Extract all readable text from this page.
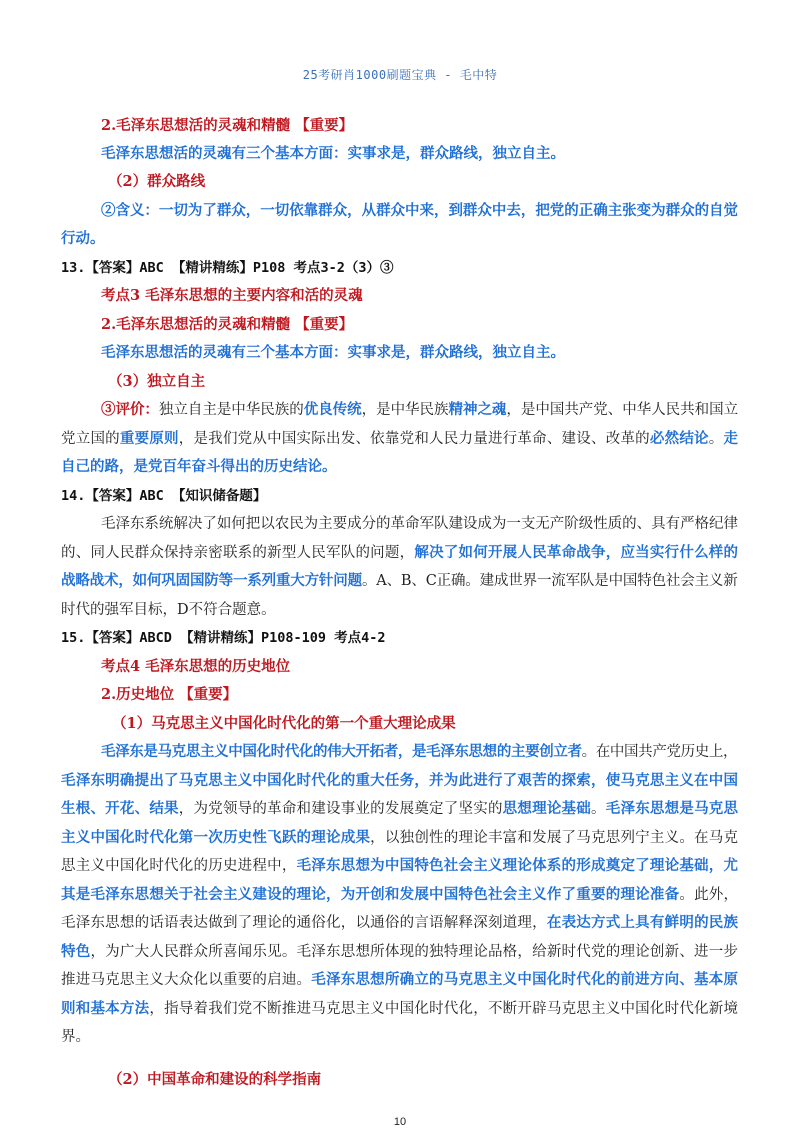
25考研肖1000刷题宝典 - 毛中特
2.毛泽东思想活的灵魂和精髓 【重要】
毛泽东思想活的灵魂有三个基本方面：实事求是，群众路线，独立自主。
（2）群众路线
②含义：一切为了群众，一切依靠群众，从群众中来，到群众中去，把党的正确主张变为群众的自觉
行动。
13.【答案】ABC 【精讲精练】P108 考点3-2（3）③
考点3 毛泽东思想的主要内容和活的灵魂
2.毛泽东思想活的灵魂和精髓 【重要】
毛泽东思想活的灵魂有三个基本方面：实事求是，群众路线，独立自主。
（3）独立自主
③评价：独立自主是中华民族的优良传统，是中华民族精神之魂，是中国共产党、中华人民共和国立
党立国的重要原则，是我们党从中国实际出发、依靠党和人民力量进行革命、建设、改革的必然结论。走
自己的路，是党百年奋斗得出的历史结论。
14.【答案】ABC 【知识储备题】
毛泽东系统解决了如何把以农民为主要成分的革命军队建设成为一支无产阶级性质的、具有严格纪律
的、同人民群众保持亲密联系的新型人民军队的问题，解决了如何开展人民革命战争，应当实行什么样的
战略战术，如何巩固国防等一系列重大方针问题。A、B、C正确。建成世界一流军队是中国特色社会主义新
时代的强军目标，D不符合题意。
15.【答案】ABCD 【精讲精练】P108-109 考点4-2
考点4 毛泽东思想的历史地位
2.历史地位 【重要】
（1）马克思主义中国化时代化的第一个重大理论成果
毛泽东是马克思主义中国化时代化的伟大开拓者，是毛泽东思想的主要创立者。在中国共产党历史上，
毛泽东明确提出了马克思主义中国化时代化的重大任务，并为此进行了艰苦的探索，使马克思主义在中国
生根、开花、结果，为党领导的革命和建设事业的发展奠定了坚实的思想理论基础。毛泽东思想是马克思
主义中国化时代化第一次历史性飞跃的理论成果，以独创性的理论丰富和发展了马克思列宁主义。在马克
思主义中国化时代化的历史进程中，毛泽东思想为中国特色社会主义理论体系的形成奠定了理论基础，尤
其是毛泽东思想关于社会主义建设的理论，为开创和发展中国特色社会主义作了重要的理论准备。此外，
毛泽东思想的话语表达做到了理论的通俗化，以通俗的言语解释深刻道理，在表达方式上具有鲜明的民族
特色，为广大人民群众所喜闻乐见。毛泽东思想所体现的独特理论品格，给新时代党的理论创新、进一步
推进马克思主义大众化以重要的启迪。毛泽东思想所确立的马克思主义中国化时代化的前进方向、基本原
则和基本方法，指导着我们党不断推进马克思主义中国化时代化，不断开辟马克思主义中国化时代化新境
界。
（2）中国革命和建设的科学指南
10
